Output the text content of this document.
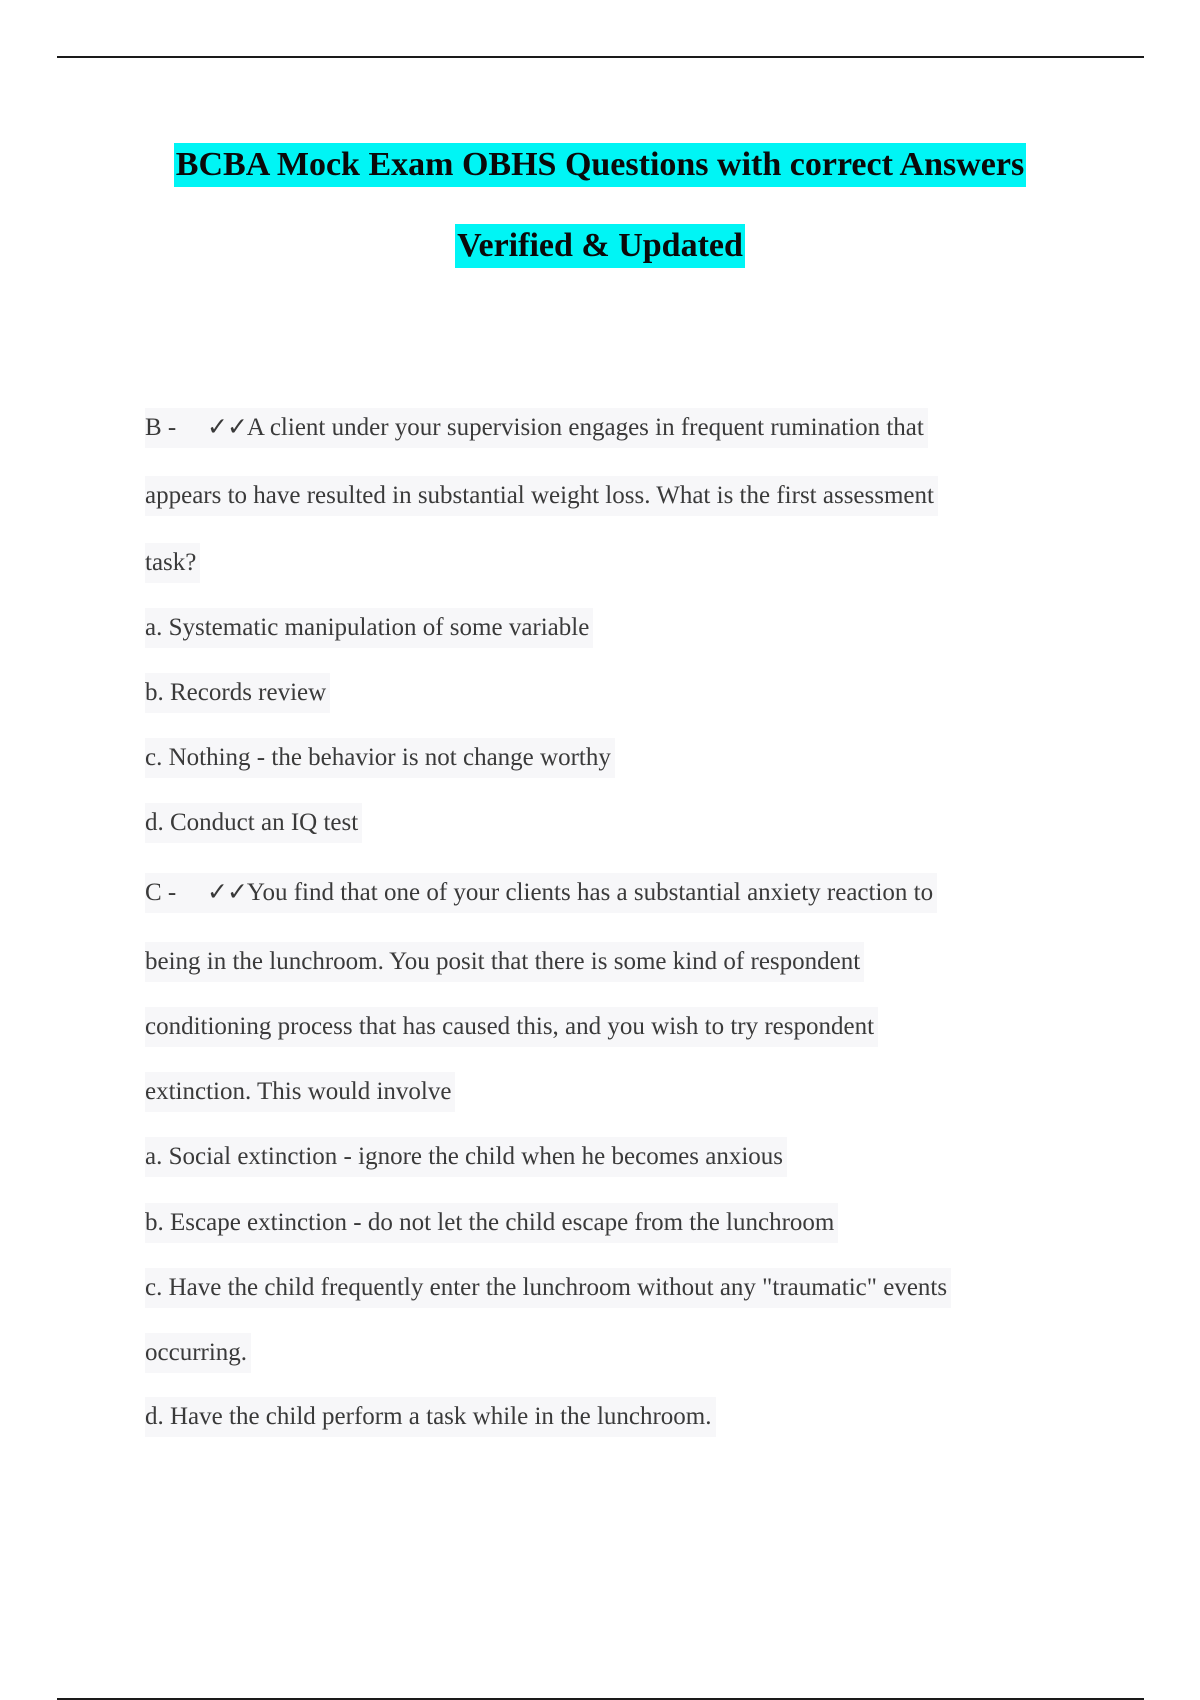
BCBA Mock Exam OBHS Questions with correct Answers
Verified & Updated
B - ✓✓A client under your supervision engages in frequent rumination that
appears to have resulted in substantial weight loss. What is the first assessment
task?
a. Systematic manipulation of some variable
b. Records review
c. Nothing - the behavior is not change worthy
d. Conduct an IQ test
C - ✓✓You find that one of your clients has a substantial anxiety reaction to
being in the lunchroom. You posit that there is some kind of respondent
conditioning process that has caused this, and you wish to try respondent
extinction. This would involve
a. Social extinction - ignore the child when he becomes anxious
b. Escape extinction - do not let the child escape from the lunchroom
c. Have the child frequently enter the lunchroom without any "traumatic" events
occurring.
d. Have the child perform a task while in the lunchroom.
